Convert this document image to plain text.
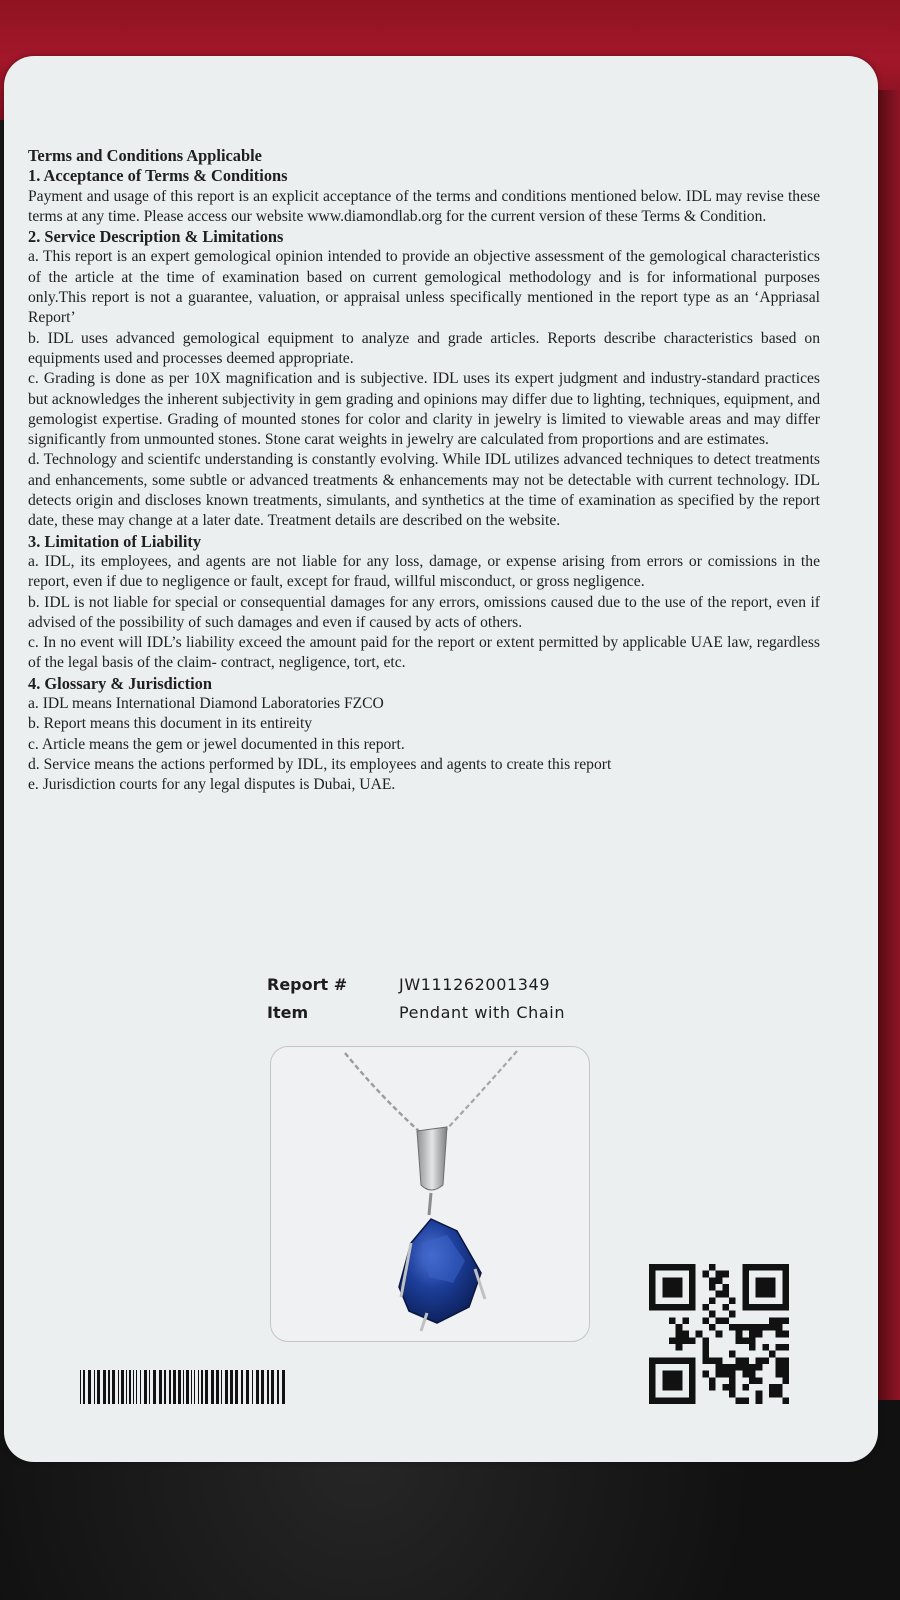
Terms and Conditions Applicable

1. Acceptance of Terms & Conditions

Payment and usage of this report is an explicit acceptance of the terms and conditions mentioned below. IDL may revise these terms at any time. Please access our website www.diamondlab.org for the current version of these Terms & Condition.

2. Service Description & Limitations

a. This report is an expert gemological opinion intended to provide an objective assessment of the gemological characteristics of the article at the time of examination based on current gemological methodology and is for informational purposes only.This report is not a guarantee, valuation, or appraisal unless specifically mentioned in the report type as an ‘Appriasal Report’

b. IDL uses advanced gemological equipment to analyze and grade articles. Reports describe characteristics based on equipments used and processes deemed appropriate.

c. Grading is done as per 10X magnification and is subjective. IDL uses its expert judgment and industry-standard practices but acknowledges the inherent subjectivity in gem grading and opinions may differ due to lighting, techniques, equipment, and gemologist expertise. Grading of mounted stones for color and clarity in jewelry is limited to viewable areas and may differ significantly from unmounted stones. Stone carat weights in jewelry are calculated from proportions and are estimates.

d. Technology and scientifc understanding is constantly evolving. While IDL utilizes advanced techniques to detect treatments and enhancements, some subtle or advanced treatments & enhancements may not be detectable with current technology. IDL detects origin and discloses known treatments, simulants, and synthetics at the time of examination as specified by the report date, these may change at a later date. Treatment details are described on the website.

3. Limitation of Liability

a. IDL, its employees, and agents are not liable for any loss, damage, or expense arising from errors or comissions in the report, even if due to negligence or fault, except for fraud, willful misconduct, or gross negligence.

b. IDL is not liable for special or consequential damages for any errors, omissions caused due to the use of the report, even if advised of the possibility of such damages and even if caused by acts of others.

c. In no event will IDL’s liability exceed the amount paid for the report or extent permitted by applicable UAE law, regardless of the legal basis of the claim- contract, negligence, tort, etc.

4. Glossary & Jurisdiction

a. IDL means International Diamond Laboratories FZCO

b. Report means this document in its entireity

c. Article means the gem or jewel documented in this report.

d. Service means the actions performed by IDL, its employees and agents to create this report

e. Jurisdiction courts for any legal disputes is Dubai, UAE.

Report #	JW111262001349
Item	Pendant with Chain
